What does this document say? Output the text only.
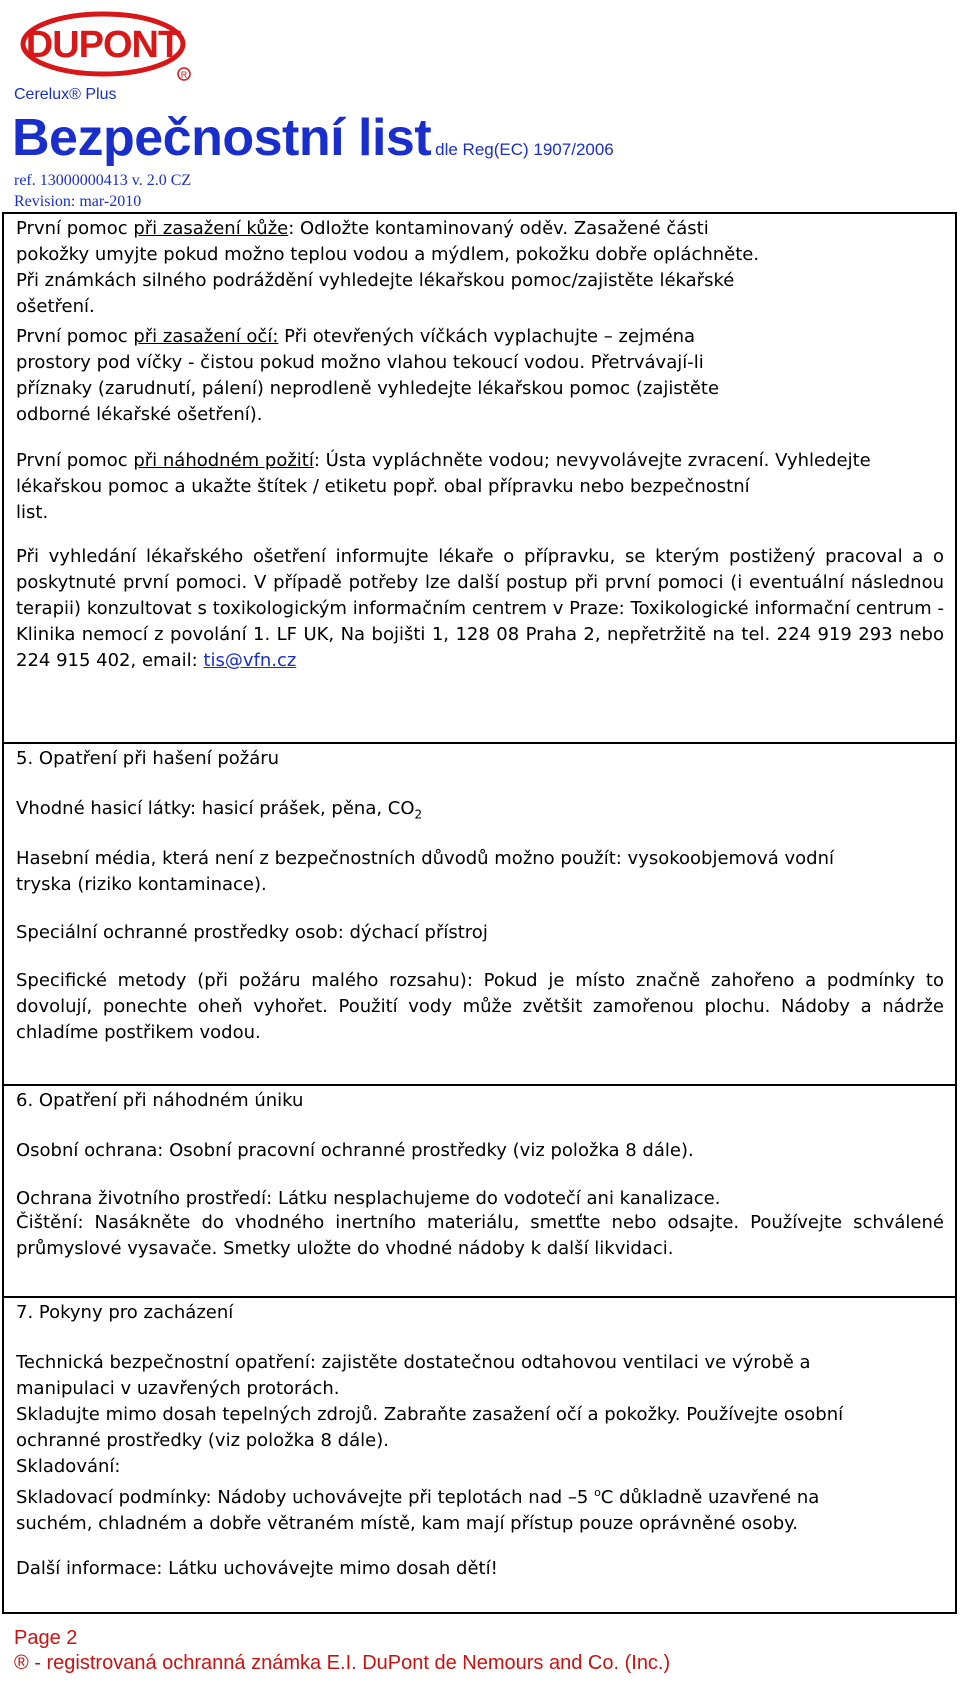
DUPONT
R
Cerelux® Plus
Bezpečnostní list dle Reg(EC) 1907/2006
ref. 13000000413 v. 2.0 CZ
Revision: mar-2010
První pomoc při zasažení kůže: Odložte kontaminovaný oděv. Zasažené části
pokožky umyjte pokud možno teplou vodou a mýdlem, pokožku dobře opláchněte.
Při známkách silného podráždění vyhledejte lékařskou pomoc/zajistěte lékařské
ošetření.
První pomoc při zasažení očí: Při otevřených víčkách vyplachujte – zejména
prostory pod víčky - čistou pokud možno vlahou tekoucí vodou. Přetrvávají-li
příznaky (zarudnutí, pálení) neprodleně vyhledejte lékařskou pomoc (zajistěte
odborné lékařské ošetření).
První pomoc při náhodném požití: Ústa vypláchněte vodou; nevyvolávejte zvracení. Vyhledejte
lékařskou pomoc a ukažte štítek / etiketu popř. obal přípravku nebo bezpečnostní
list.

Při vyhledání lékařského ošetření informujte lékaře o přípravku, se kterým postižený pracoval a o poskytnuté první pomoci. V případě potřeby lze další postup při první pomoci (i eventuální následnou terapii) konzultovat s toxikologickým informačním centrem v Praze: Toxikologické informační centrum - Klinika nemocí z povolání 1. LF UK, Na bojišti 1, 128 08 Praha 2, nepřetržitě na tel. 224 919 293 nebo 224 915 402, email: tis@vfn.cz

5. Opatření při hašení požáru
Vhodné hasicí látky: hasicí prášek, pěna, $CO_2$
Hasební média, která není z bezpečnostních důvodů možno použít: vysokoobjemová vodní
tryska (riziko kontaminace).
Speciální ochranné prostředky osob: dýchací přístroj

Specifické metody (při požáru malého rozsahu): Pokud je místo značně zahořeno a podmínky to dovolují, ponechte oheň vyhořet. Použití vody může zvětšit zamořenou plochu. Nádoby a nádrže chladíme postřikem vodou.

6. Opatření při náhodném úniku
Osobní ochrana: Osobní pracovní ochranné prostředky (viz položka 8 dále).
Ochrana životního prostředí: Látku nesplachujeme do vodotečí ani kanalizace.

Čištění: Nasákněte do vhodného inertního materiálu, smetťte nebo odsajte. Používejte schválené průmyslové vysavače. Smetky uložte do vhodné nádoby k další likvidaci.

7. Pokyny pro zacházení
Technická bezpečnostní opatření: zajistěte dostatečnou odtahovou ventilaci ve výrobě a
manipulaci v uzavřených protorách.
Skladujte mimo dosah tepelných zdrojů. Zabraňte zasažení očí a pokožky. Používejte osobní
ochranné prostředky (viz položka 8 dále).
Skladování:
Skladovací podmínky: Nádoby uchovávejte při teplotách nad –5 $^o$C důkladně uzavřené na
suchém, chladném a dobře větraném místě, kam mají přístup pouze oprávněné osoby.
Další informace: Látku uchovávejte mimo dosah dětí!
Page 2
® - registrovaná ochranná známka E.I. DuPont de Nemours and Co. (Inc.)
